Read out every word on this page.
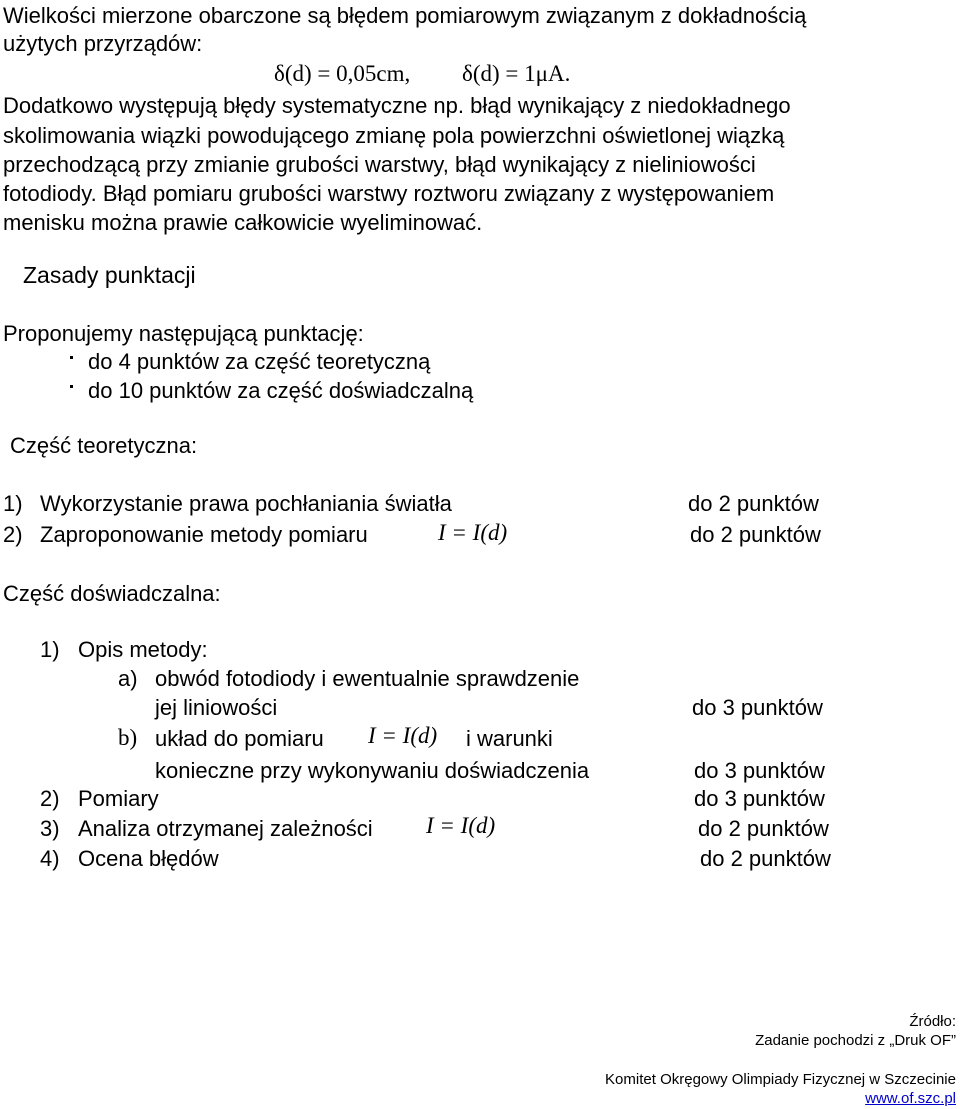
Wielkości mierzone obarczone są błędem pomiarowym związanym z dokładnością
użytych przyrządów:
δ(d) = 0,05cm, δ(d) = 1μA.
Dodatkowo występują błędy systematyczne np. błąd wynikający z niedokładnego
skolimowania wiązki powodującego zmianę pola powierzchni oświetlonej wiązką
przechodzącą przy zmianie grubości warstwy, błąd wynikający z nieliniowości
fotodiody. Błąd pomiaru grubości warstwy roztworu związany z występowaniem
menisku można prawie całkowicie wyeliminować.
Zasady punktacji
Proponujemy następującą punktację:
do 4 punktów za część teoretyczną
do 10 punktów za część doświadczalną
Część teoretyczna:
1) Wykorzystanie prawa pochłaniania światła	do 2 punktów
2) Zaproponowanie metody pomiaru	I = I(d)	do 2 punktów
Część doświadczalna:
1) Opis metody:
a) obwód fotodiody i ewentualnie sprawdzenie
jej liniowości	do 3 punktów
b) układ do pomiaru I = I(d) i warunki
konieczne przy wykonywaniu doświadczenia	do 3 punktów
2) Pomiary	do 3 punktów
3) Analiza otrzymanej zależności I = I(d)	do 2 punktów
4) Ocena błędów	do 2 punktów
Źródło:
Zadanie pochodzi z „Druk OF”
Komitet Okręgowy Olimpiady Fizycznej w Szczecinie
www.of.szc.pl
